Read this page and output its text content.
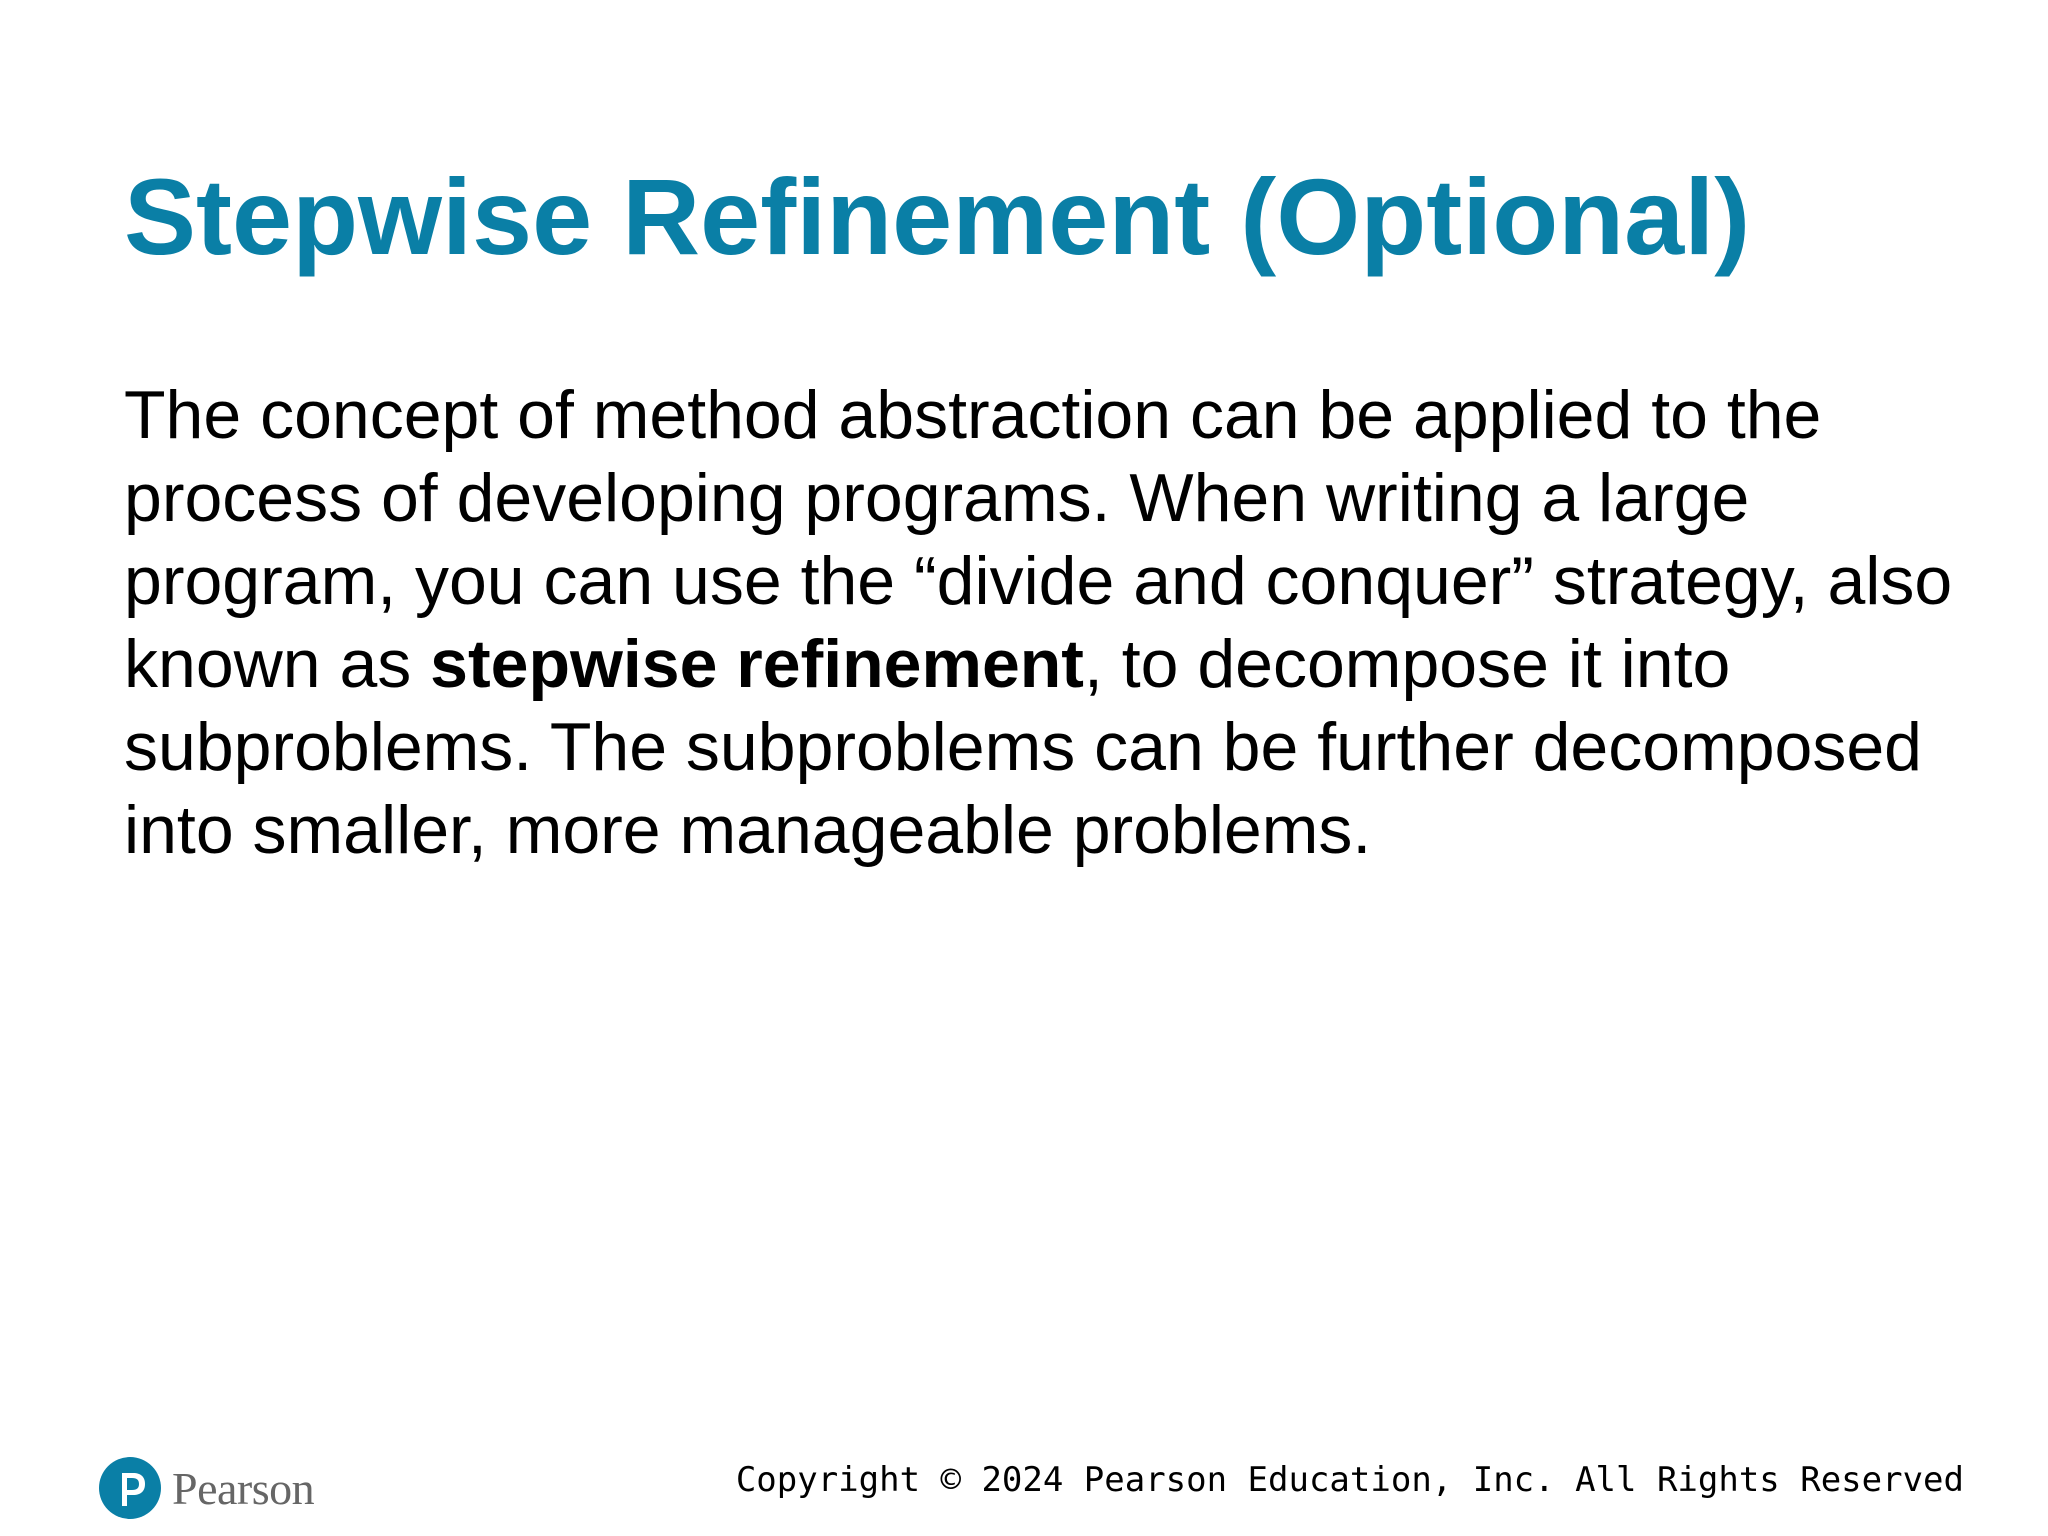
Stepwise Refinement (Optional)

The concept of method abstraction can be applied to the process of developing programs. When writing a large program, you can use the “divide and conquer” strategy, also known as stepwise refinement, to decompose it into subproblems. The subproblems can be further decomposed into smaller, more manageable problems.

Pearson	Copyright © 2024 Pearson Education, Inc. All Rights Reserved
